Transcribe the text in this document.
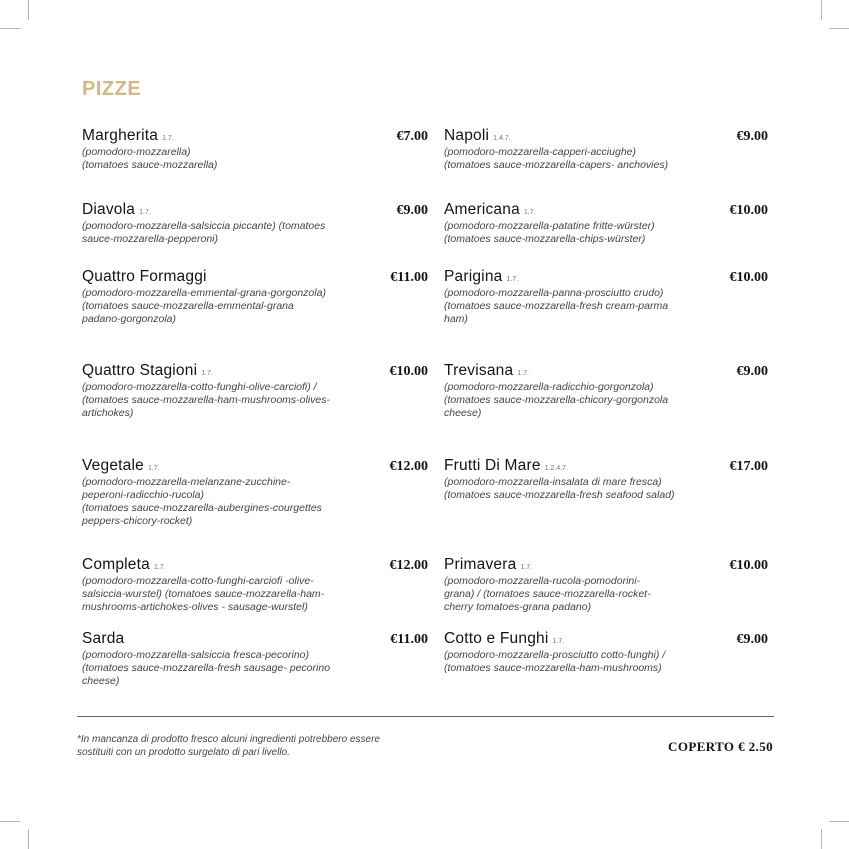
PIZZE
Margherita 1.7.	€7.00

(pomodoro-mozzarella)
(tomatoes sauce-mozzarella)

Napoli 1.4.7.	€9.00

(pomodoro-mozzarella-capperi-acciughe)
(tomatoes sauce-mozzarella-capers- anchovies)

Diavola 1.7.	€9.00

(pomodoro-mozzarella-salsiccia piccante) (tomatoes
sauce-mozzarella-pepperoni)

Americana 1.7.	€10.00

(pomodoro-mozzarella-patatine fritte-würster)
(tomatoes sauce-mozzarella-chips-würster)

Quattro Formaggi	€11.00

(pomodoro-mozzarella-emmental-grana-gorgonzola)
(tomatoes sauce-mozzarella-emmental-grana
padano-gorgonzola)

Parigina 1.7.	€10.00

(pomodoro-mozzarella-panna-prosciutto crudo)
(tomatoes sauce-mozzarella-fresh cream-parma
ham)

Quattro Stagioni 1.7.	€10.00

(pomodoro-mozzarella-cotto-funghi-olive-carciofi) /
(tomatoes sauce-mozzarella-ham-mushrooms-olives-
artichokes)

Trevisana 1.7.	€9.00

(pomodoro-mozzarella-radicchio-gorgonzola)
(tomatoes sauce-mozzarella-chicory-gorgonzola
cheese)

Vegetale 1.7.	€12.00

(pomodoro-mozzarella-melanzane-zucchine-
peperoni-radicchio-rucola)
(tomatoes sauce-mozzarella-aubergines-courgettes
peppers-chicory-rocket)

Frutti Di Mare 1.2.4.7.	€17.00

(pomodoro-mozzarella-insalata di mare fresca)
(tomatoes sauce-mozzarella-fresh seafood salad)

Completa 1.7.	€12.00

(pomodoro-mozzarella-cotto-funghi-carciofi -olive-
salsiccia-wurstel) (tomatoes sauce-mozzarella-ham-
mushrooms-artichokes-olives - sausage-wurstel)

Primavera 1.7.	€10.00

(pomodoro-mozzarella-rucola-pomodorini-
grana) / (tomatoes sauce-mozzarella-rocket-
cherry tomatoes-grana padano)

Sarda	€11.00

(pomodoro-mozzarella-salsiccia fresca-pecorino)
(tomatoes sauce-mozzarella-fresh sausage- pecorino
cheese)

Cotto e Funghi 1.7.	€9.00

(pomodoro-mozzarella-prosciutto cotto-funghi) /
(tomatoes sauce-mozzarella-ham-mushrooms)

*In mancanza di prodotto fresco alcuni ingredienti potrebbero essere
sostituiti con un prodotto surgelato di pari livello.	COPERTO € 2.50
